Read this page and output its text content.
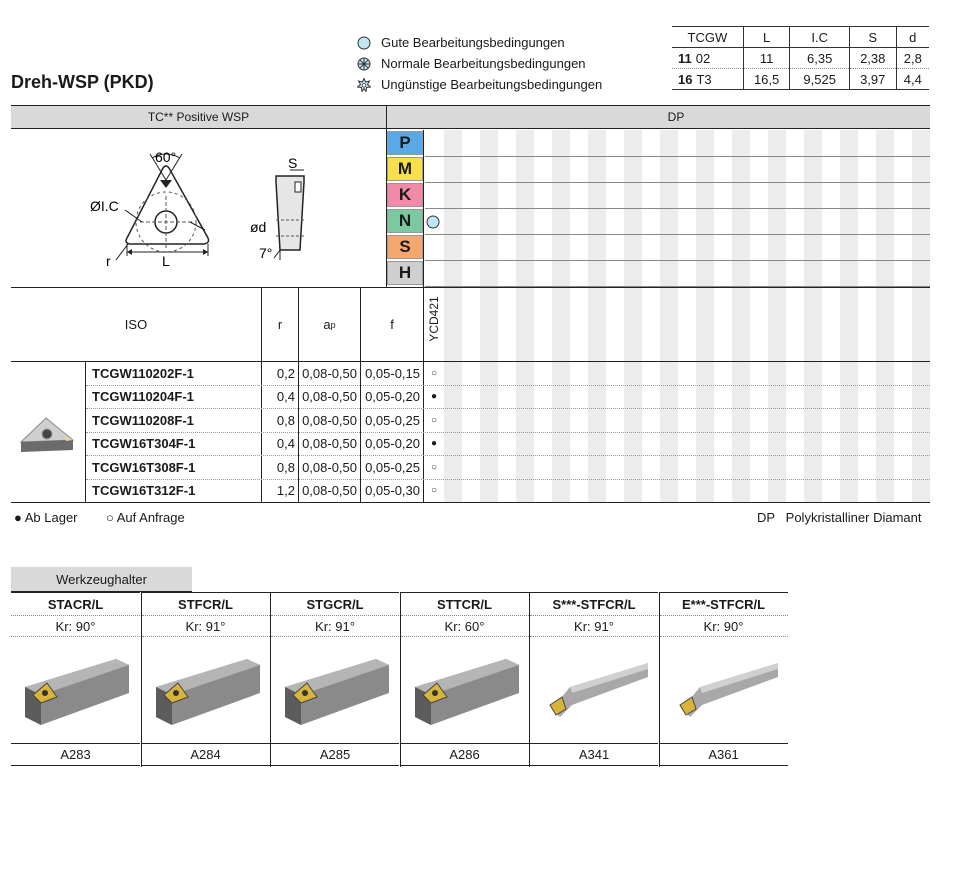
Dreh-WSP (PKD)
Gute Bearbeitungsbedingungen
Normale Bearbeitungsbedingungen
Ungünstige Bearbeitungsbedingungen
TCGW	L	I.C	S	d
11 02	11	6,35	2,38	2,8
16 T3	16,5	9,525	3,97	4,4
TC** Positive WSP	DP
60°
ØI.C
r	L
S
ød
7°
P
M
K
N
S
H
ISO	r	a p	f	YCD421
TCGW110202F-1	0,2 0,08-0,50 0,05-0,15	○
TCGW110204F-1	0,4 0,08-0,50 0,05-0,20	●
TCGW110208F-1	0,8 0,08-0,50 0,05-0,25	○
TCGW16T304F-1	0,4 0,08-0,50 0,05-0,20	●
TCGW16T308F-1	0,8 0,08-0,50 0,05-0,25	○
TCGW16T312F-1	1,2 0,08-0,50 0,05-0,30	○
● Ab Lager ○ Auf Anfrage	DP   Polykristalliner Diamant
Werkzeughalter
STACR/L
Kr: 90°
A283
STFCR/L
Kr: 91°
A284
STGCR/L
Kr: 91°
A285
STTCR/L
Kr: 60°
A286
S***-STFCR/L
Kr: 91°
A341
E***-STFCR/L
Kr: 90°
A361
